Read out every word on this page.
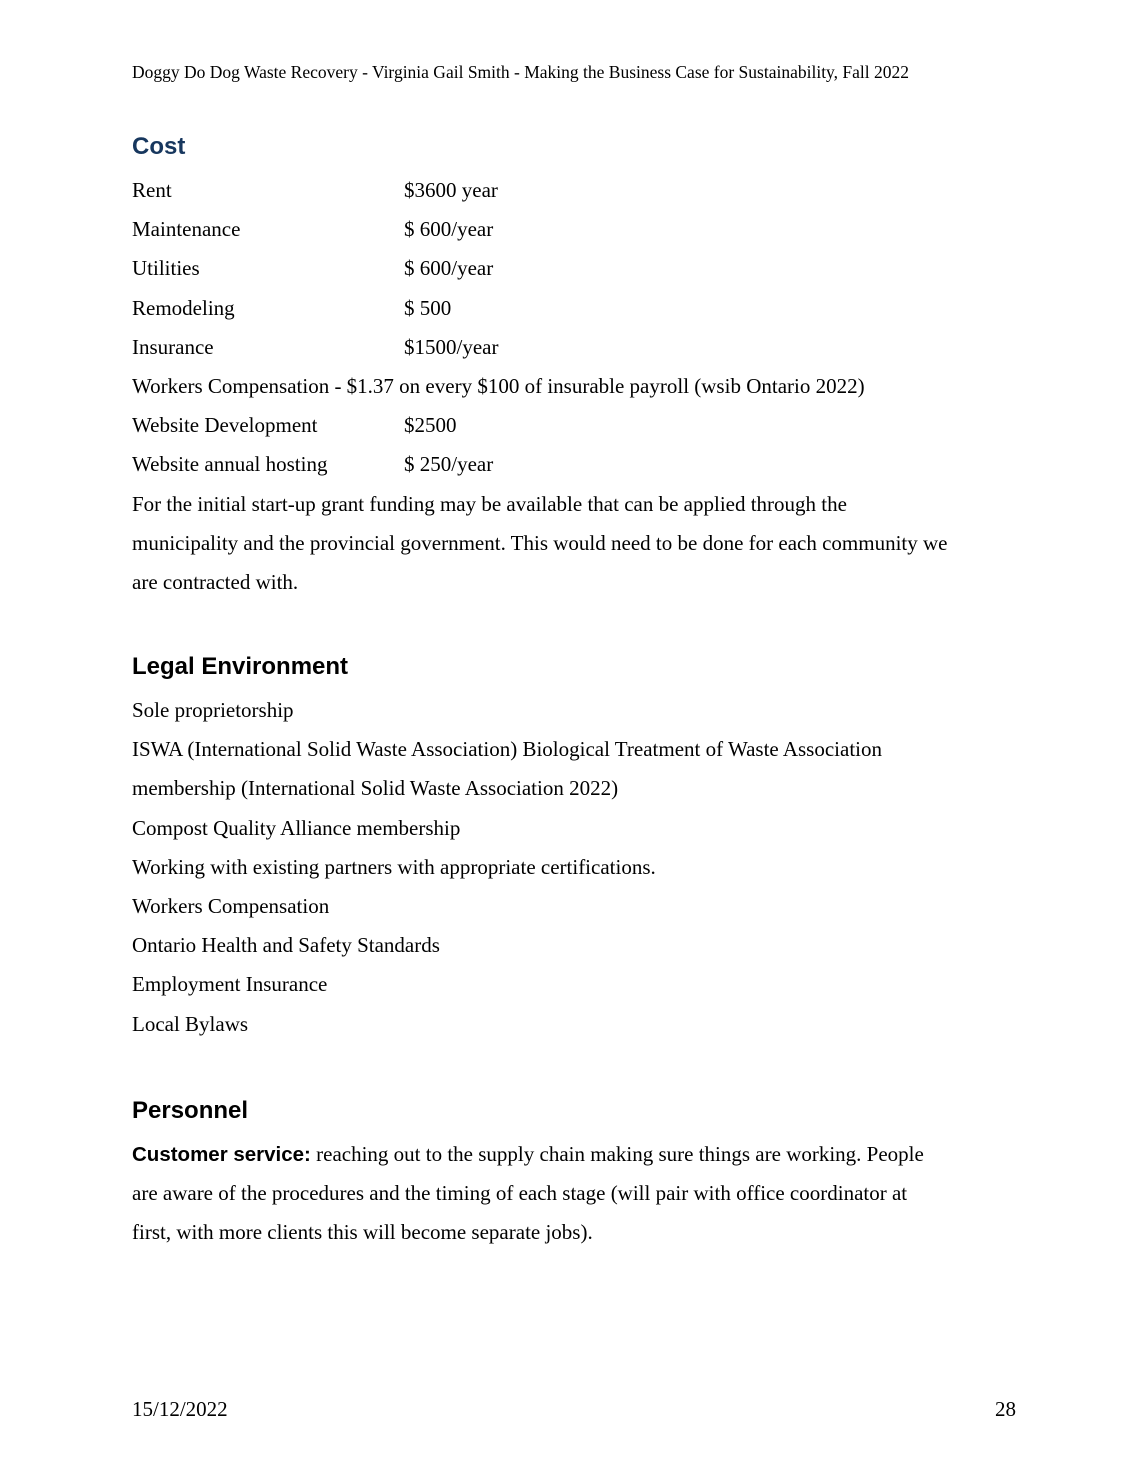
Doggy Do Dog Waste Recovery - Virginia Gail Smith - Making the Business Case for Sustainability, Fall 2022
Cost
Rent	$3600 year
Maintenance	$ 600/year
Utilities	$ 600/year
Remodeling	$ 500
Insurance	$1500/year
Workers Compensation - $1.37 on every $100 of insurable payroll (wsib Ontario 2022)
Website Development	$2500
Website annual hosting	$ 250/year
For the initial start-up grant funding may be available that can be applied through the
municipality and the provincial government. This would need to be done for each community we
are contracted with.
Legal Environment
Sole proprietorship
ISWA (International Solid Waste Association) Biological Treatment of Waste Association
membership (International Solid Waste Association 2022)
Compost Quality Alliance membership
Working with existing partners with appropriate certifications.
Workers Compensation
Ontario Health and Safety Standards
Employment Insurance
Local Bylaws
Personnel
Customer service: reaching out to the supply chain making sure things are working. People
are aware of the procedures and the timing of each stage (will pair with office coordinator at
first, with more clients this will become separate jobs).
15/12/2022	28
